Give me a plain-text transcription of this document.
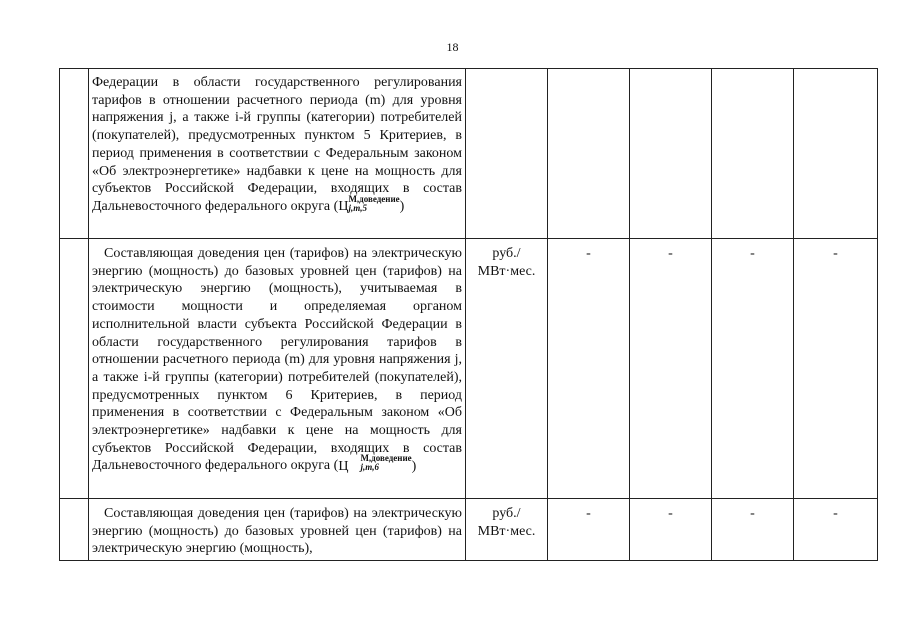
18

	Федерации в области государственного регулирования тарифов в отношении расчетного периода (m) для уровня напряжения j, а также i-й группы (категории) потребителей (покупателей), предусмотренных пунктом 5 Критериев, в период применения в соответствии с Федеральным законом «Об электроэнергетике» надбавки к цене на мощность для субъектов Российской Федерации, входящих в состав Дальневосточного федерального округа (Ц
М,доведение
j,m,5 )					

	Составляющая доведения цен (тарифов) на электрическую энергию (мощность) до базовых уровней цен (тарифов) на электрическую энергию (мощность), учитываемая в стоимости мощности и определяемая органом исполнительной власти субъекта Российской Федерации в области государственного регулирования тарифов в отношении расчетного периода (m) для уровня напряжения j, а также i-й группы (категории) потребителей (покупателей), предусмотренных пунктом 6 Критериев, в период применения в соответствии с Федеральным законом «Об электроэнергетике» надбавки к цене на мощность для субъектов Российской Федерации, входящих в состав Дальневосточного федерального округа (Ц
М,доведение
j,m,6 )	руб./ МВт·мес.	-	-	-	-

	Составляющая доведения цен (тарифов) на электрическую энергию (мощность) до базовых уровней цен (тарифов) на электрическую энергию (мощность),	руб./ МВт·мес.	-	-	-	-
